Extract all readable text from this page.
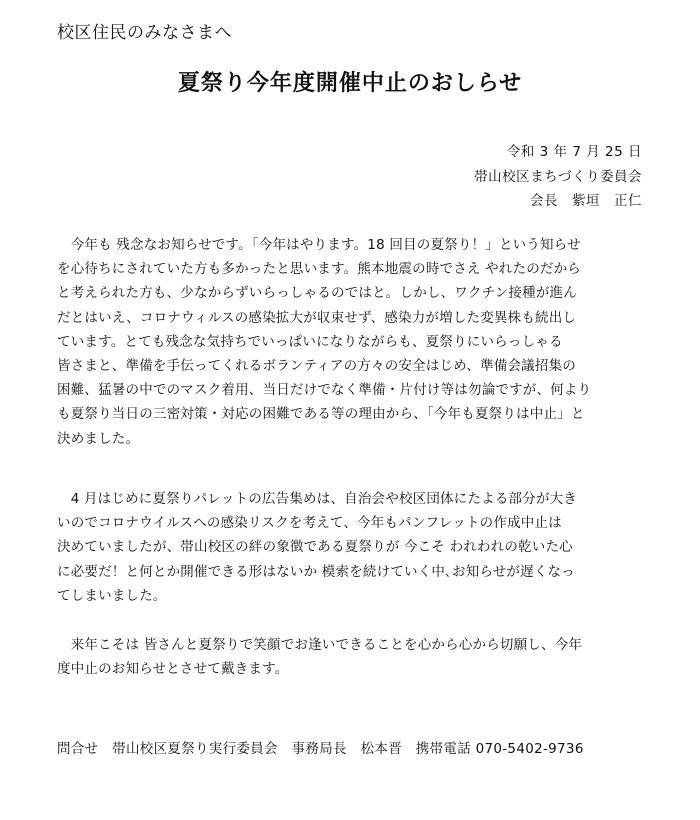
校区住民のみなさまへ
夏祭り今年度開催中止のおしらせ
令和 3 年 7 月 25 日
帯山校区まちづくり委員会
会長　紫垣　正仁
　今年も 残念なお知らせです。「今年はやります。18 回目の夏祭り！」という知らせ
を心待ちにされていた方も多かったと思います。熊本地震の時でさえ やれたのだから
と考えられた方も、少なからずいらっしゃるのではと。しかし、ワクチン接種が進ん
だとはいえ、コロナウィルスの感染拡大が収束せず、感染力が増した変異株も続出し
ています。とても残念な気持ちでいっぱいになりながらも、夏祭りにいらっしゃる
皆さまと、準備を手伝ってくれるボランティアの方々の安全はじめ、準備会議招集の
困難、猛暑の中でのマスク着用、当日だけでなく準備・片付け等は勿論ですが、何より
も夏祭り当日の三密対策・対応の困難である等の理由から、「今年も夏祭りは中止」と
決めました。
　4 月はじめに夏祭りパレットの広告集めは、自治会や校区団体にたよる部分が大き
いのでコロナウイルスへの感染リスクを考えて、今年もパンフレットの作成中止は
決めていましたが、帯山校区の絆の象徴である夏祭りが 今こそ われわれの乾いた心
に必要だ！と何とか開催できる形はないか 模索を続けていく中､お知らせが遅くなっ
てしまいました。
　来年こそは 皆さんと夏祭りで笑顔でお逢いできることを心から心から切願し、今年
度中止のお知らせとさせて戴きます。
問合せ　帯山校区夏祭り実行委員会　事務局長　松本晋　携帯電話 070-5402-9736
